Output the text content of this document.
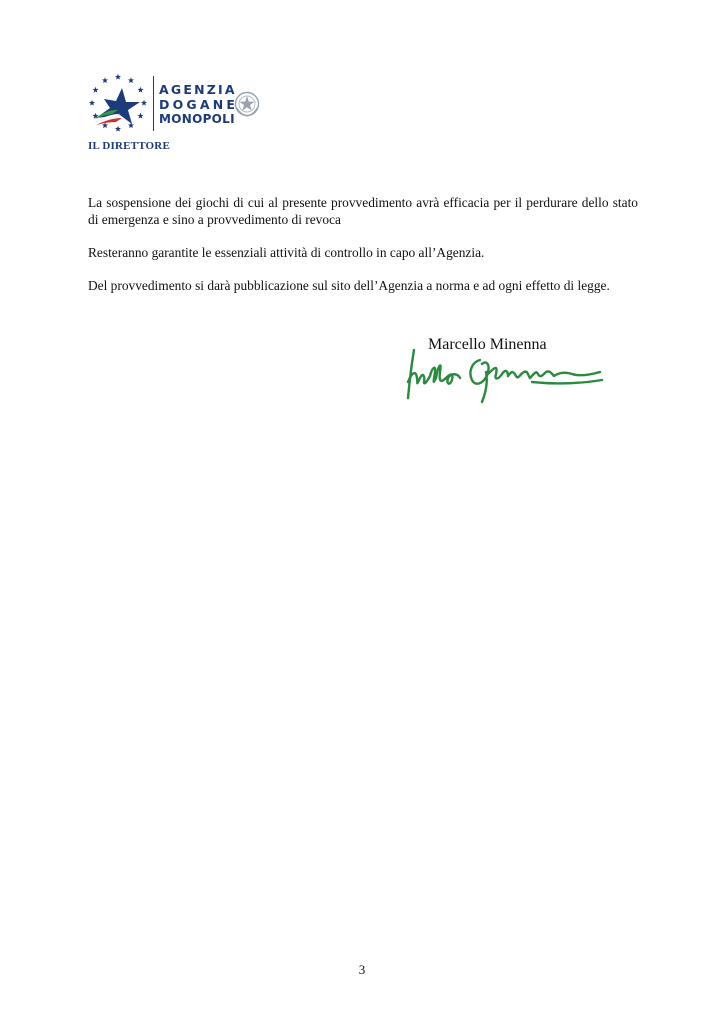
AGENZIA
DOGANE
MONOPOLI
IL DIRETTORE

La sospensione dei giochi di cui al presente provvedimento avrà efficacia per il perdurare dello stato di emergenza e sino a provvedimento di revoca

Resteranno garantite le essenziali attività di controllo in capo all’Agenzia.

Del provvedimento si darà pubblicazione sul sito dell’Agenzia a norma e ad ogni effetto di legge.

Marcello Minenna
3
